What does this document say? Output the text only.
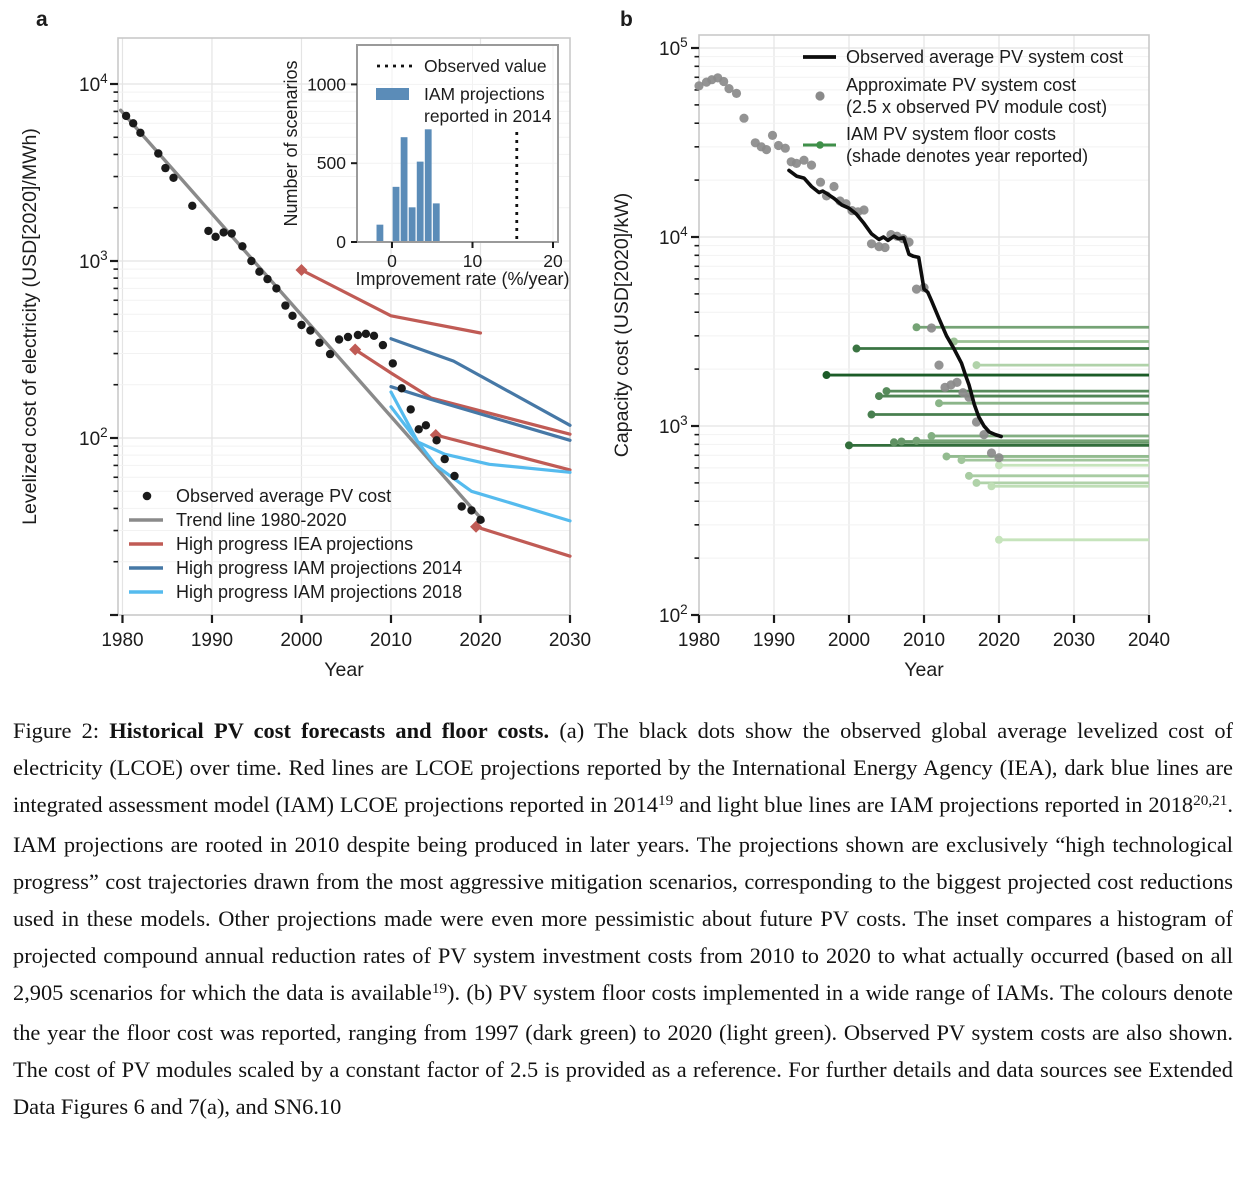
1980 1990 2000 2010 2020 2030
$10^2$
$10^3$
$10^4$
Year
Levelized cost of electricity (USD[2020]/MWh)
a
Observed average PV cost
Trend line 1980-2020
High progress IEA projections
High progress IAM projections 2014
High progress IAM projections 2018
0	10	20
0
500
1000
Improvement rate (%/year)
Number of scenarios	Observed value
IAM projections
reported in 2014
1980 1990 2000 2010 2020 2030 2040
$10^2$
$10^3$
$10^4$
$10^5$
Year
Capacity cost (USD[2020]/kW)
b
Observed average PV system cost
Approximate PV system cost
(2.5 x observed PV module cost)
IAM PV system floor costs
(shade denotes year reported)
Figure 2: Historical PV cost forecasts and floor costs. (a) The black dots show the observed global average levelized cost of electricity (LCOE) over time. Red lines are LCOE projections reported by the International Energy Agency (IEA), dark blue lines are integrated assessment model (IAM) LCOE projections reported in 2014$^{19}$ and light blue lines are IAM projections reported in 2018$^{20,21}$. IAM projections are rooted in 2010 despite being produced in later years. The projections shown are exclusively “high technological progress” cost trajectories drawn from the most aggressive mitigation scenarios, corresponding to the biggest projected cost reductions used in these models. Other projections made were even more pessimistic about future PV costs. The inset compares a histogram of projected compound annual reduction rates of PV system investment costs from 2010 to 2020 to what actually occurred (based on all 2,905 scenarios for which the data is available$^{19}$). (b) PV system floor costs implemented in a wide range of IAMs. The colours denote the year the floor cost was reported, ranging from 1997 (dark green) to 2020 (light green). Observed PV system costs are also shown. The cost of PV modules scaled by a constant factor of 2.5 is provided as a reference. For further details and data sources see Extended Data Figures 6 and 7(a), and SN6.10
